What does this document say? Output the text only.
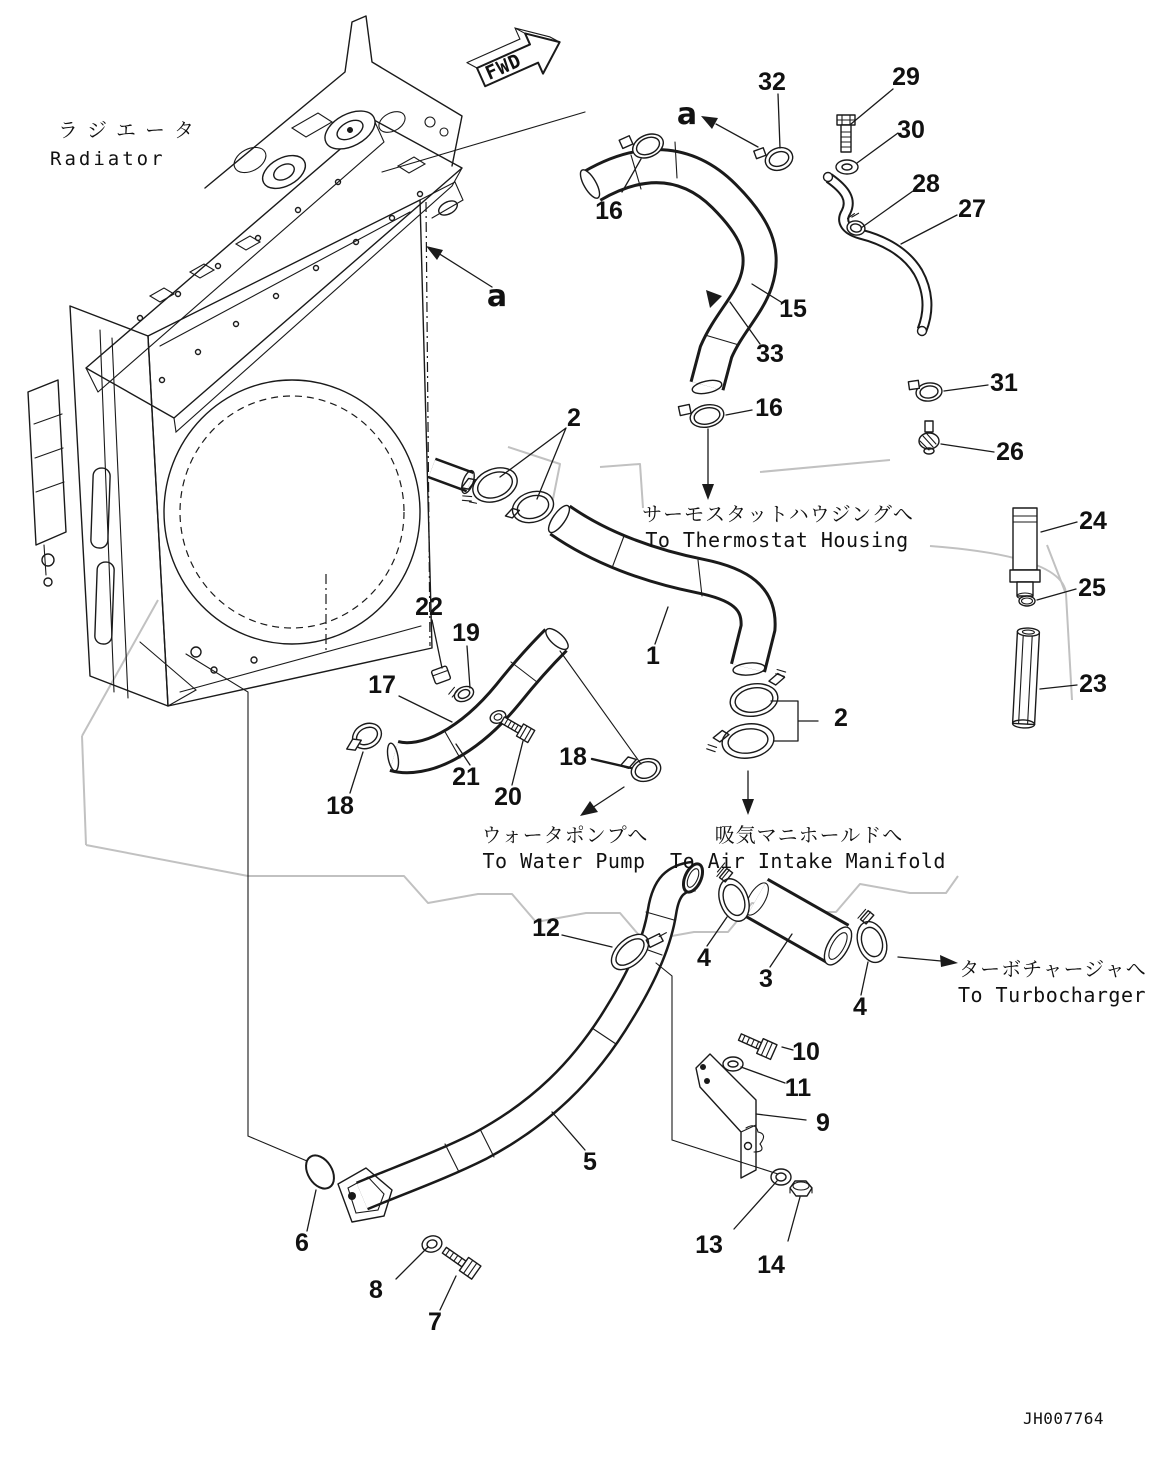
FWD
ラジエータ
Radiator
JH007764
32	29
30
28
27
16
15
33
2	16
31
26
24
25
23
1
22
19
17
21
18	20
18
2
12
4
3
4
10
11
9
5
6
8
7
13
14
a
a
サーモスタットハウジングへ
To Thermostat Housing
ウォータポンプへ
To Water Pump
吸気マニホールドへ
To Air Intake Manifold
ターボチャージャへ
To Turbocharger
